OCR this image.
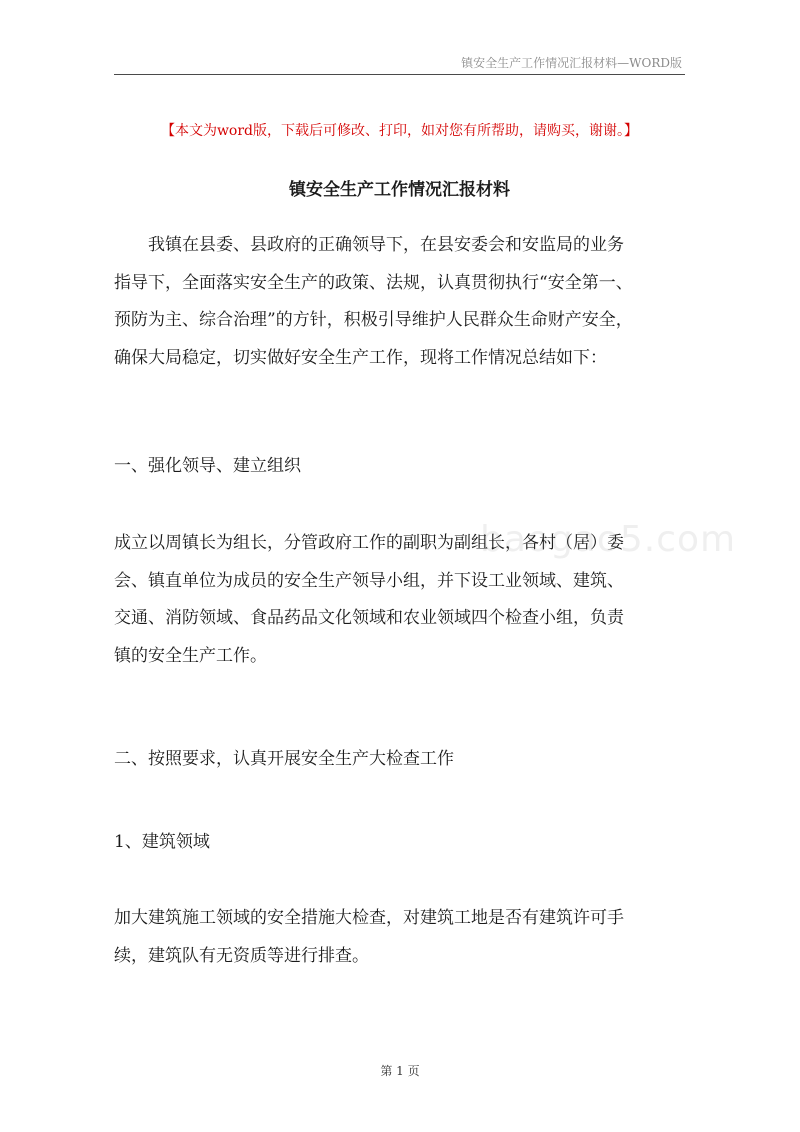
镇安全生产工作情况汇报材料—WORD版
【本文为word版，下载后可修改、打印，如对您有所帮助，请购买，谢谢。】
镇安全生产工作情况汇报材料
我镇在县委、县政府的正确领导下，在县安委会和安监局的业务
指导下，全面落实安全生产的政策、法规，认真贯彻执行“安全第一、
预防为主、综合治理”的方针，积极引导维护人民群众生命财产安全，
确保大局稳定，切实做好安全生产工作，现将工作情况总结如下：
一、强化领导、建立组织
成立以周镇长为组长，分管政府工作的副职为副组长，各村（居）委
会、镇直单位为成员的安全生产领导小组，并下设工业领域、建筑、
交通、消防领域、食品药品文化领域和农业领域四个检查小组，负责
镇的安全生产工作。
二、按照要求，认真开展安全生产大检查工作
1、建筑领域
加大建筑施工领域的安全措施大检查，对建筑工地是否有建筑许可手
续，建筑队有无资质等进行排查。
baogao5.com
第 1 页
